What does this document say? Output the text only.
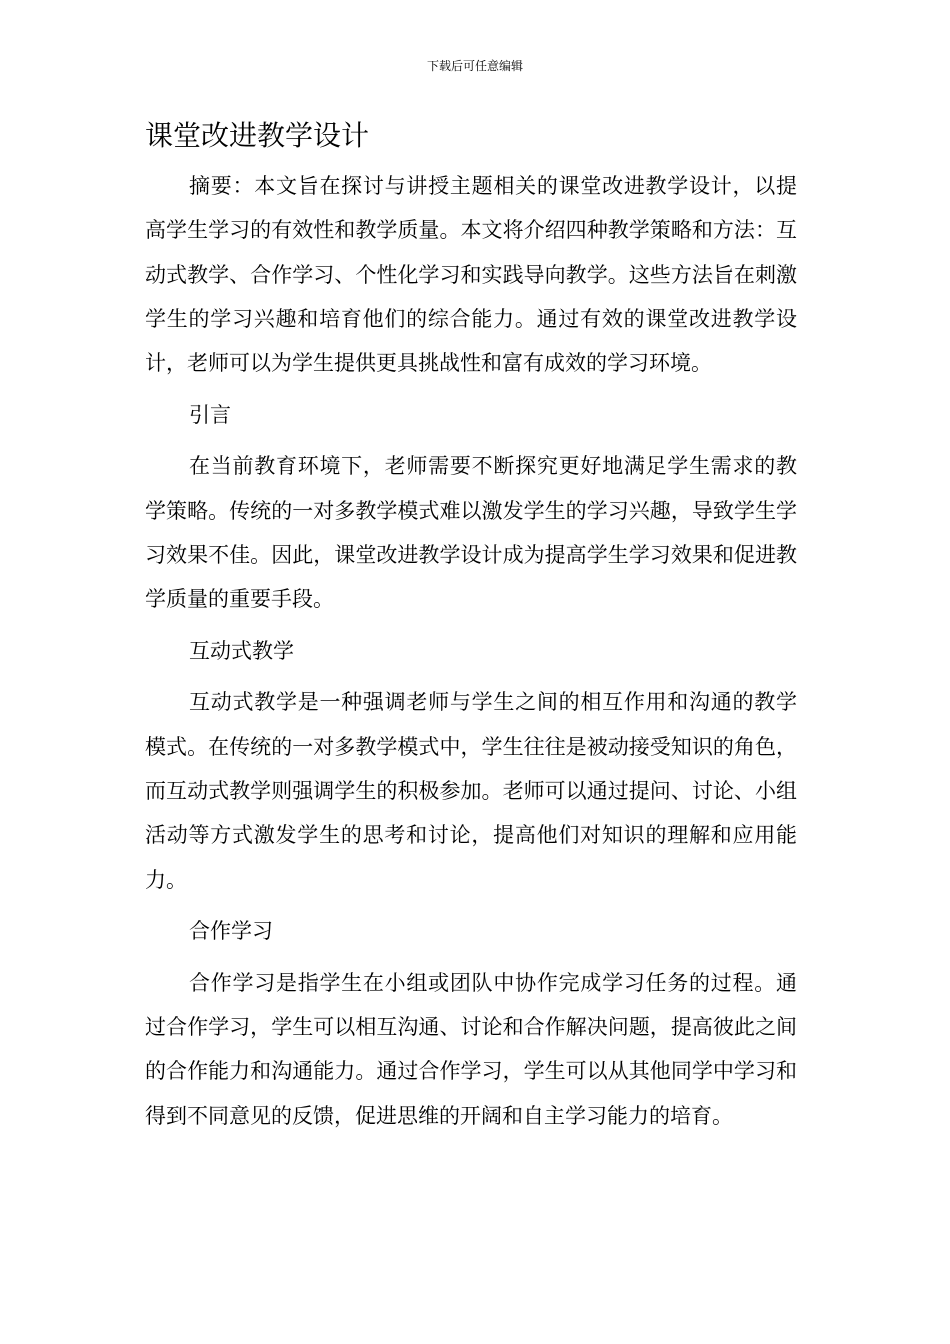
下载后可任意编辑
课堂改进教学设计

摘要：本文旨在探讨与讲授主题相关的课堂改进教学设计，以提高学生学习的有效性和教学质量。本文将介绍四种教学策略和方法：互动式教学、合作学习、个性化学习和实践导向教学。这些方法旨在刺激学生的学习兴趣和培育他们的综合能力。通过有效的课堂改进教学设计，老师可以为学生提供更具挑战性和富有成效的学习环境。

引言

在当前教育环境下，老师需要不断探究更好地满足学生需求的教学策略。传统的一对多教学模式难以激发学生的学习兴趣，导致学生学习效果不佳。因此，课堂改进教学设计成为提高学生学习效果和促进教学质量的重要手段。

互动式教学

互动式教学是一种强调老师与学生之间的相互作用和沟通的教学模式。在传统的一对多教学模式中，学生往往是被动接受知识的角色，而互动式教学则强调学生的积极参加。老师可以通过提问、讨论、小组活动等方式激发学生的思考和讨论，提高他们对知识的理解和应用能力。

合作学习

合作学习是指学生在小组或团队中协作完成学习任务的过程。通过合作学习，学生可以相互沟通、讨论和合作解决问题，提高彼此之间的合作能力和沟通能力。通过合作学习，学生可以从其他同学中学习和得到不同意见的反馈，促进思维的开阔和自主学习能力的培育。
